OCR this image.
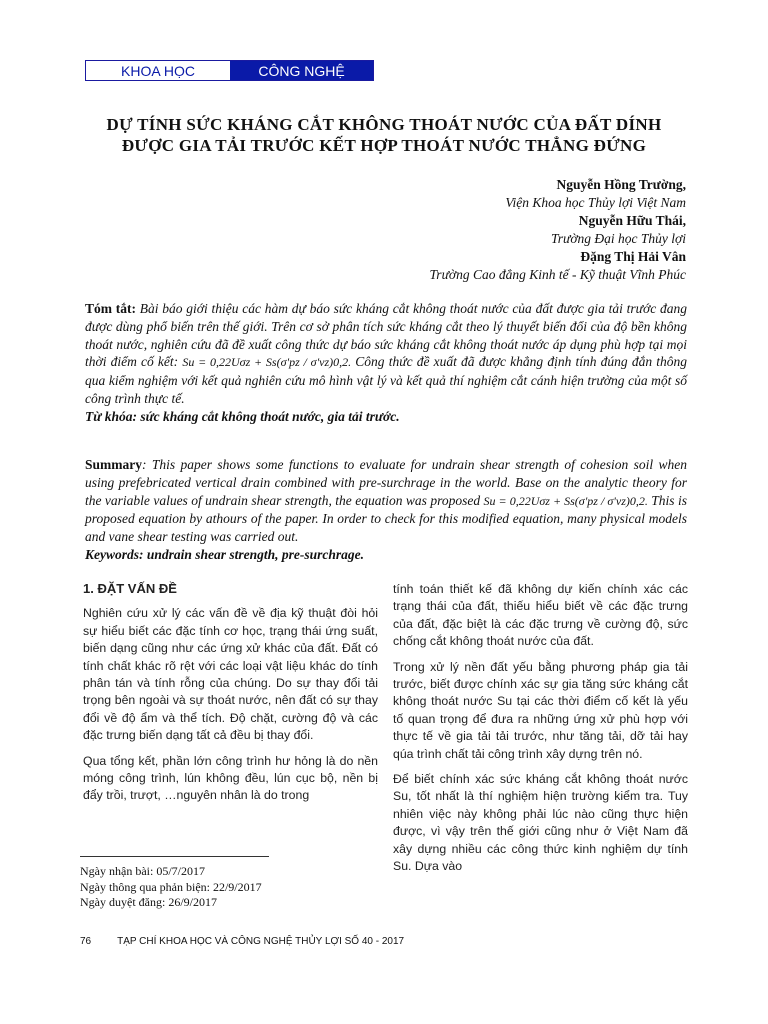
KHOA HỌC	CÔNG NGHỆ
DỰ TÍNH SỨC KHÁNG CẮT KHÔNG THOÁT NƯỚC CỦA ĐẤT DÍNH
ĐƯỢC GIA TẢI TRƯỚC KẾT HỢP THOÁT NƯỚC THẲNG ĐỨNG
Nguyễn Hồng Trường,
Viện Khoa học Thủy lợi Việt Nam
Nguyễn Hữu Thái,
Trường Đại học Thủy lợi
Đặng Thị Hải Vân
Trường Cao đẳng Kinh tế - Kỹ thuật Vĩnh Phúc
Tóm tắt: Bài báo giới thiệu các hàm dự báo sức kháng cắt không thoát nước của đất được gia tải trước đang được dùng phổ biến trên thế giới. Trên cơ sở phân tích sức kháng cắt theo lý thuyết biến đổi của độ bền không thoát nước, nghiên cứu đã đề xuất công thức dự báo sức kháng cắt không thoát nước áp dụng phù hợp tại mọi thời điểm cố kết: Su = 0,22Uσz + Ss(σ'pz / σ'vz)0,2. Công thức đề xuất đã được khẳng định tính đúng đắn thông qua kiểm nghiệm với kết quả nghiên cứu mô hình vật lý và kết quả thí nghiệm cắt cánh hiện trường của một số công trình thực tế.
Từ khóa: sức kháng cắt không thoát nước, gia tải trước.
Summary: This paper shows some functions to evaluate for undrain shear strength of cohesion soil when using prefebricated vertical drain combined with pre-surchrage in the world. Base on the analytic theory for the variable values of undrain shear strength, the equation was proposed Su = 0,22Uσz + Ss(σ'pz / σ'vz)0,2. This is proposed equation by athours of the paper. In order to check for this modified equation, many physical models and vane shear testing was carried out.
Keywords: undrain shear strength, pre-surchrage.

1. ĐẶT VẤN ĐỀ

Nghiên cứu xử lý các vấn đề về địa kỹ thuật đòi hỏi sự hiểu biết các đặc tính cơ học, trạng thái ứng suất, biến dạng cũng như các ứng xử khác của đất. Đất có tính chất khác rõ rệt với các loại vật liệu khác do tính phân tán và tính rỗng của chúng. Do sự thay đổi tải trọng bên ngoài và sự thoát nước, nên đất có sự thay đổi về độ ẩm và thể tích. Độ chặt, cường độ và các đặc trưng biến dạng tất cả đều bị thay đổi.

Qua tổng kết, phần lớn công trình hư hỏng là do nền móng công trình, lún không đều, lún cục bộ, nền bị đẩy trồi, trượt, …nguyên nhân là do trong

tính toán thiết kế đã không dự kiến chính xác các trạng thái của đất, thiếu hiểu biết về các đặc trưng của đất, đặc biệt là các đặc trưng về cường độ, sức chống cắt không thoát nước của đất.

Trong xử lý nền đất yếu bằng phương pháp gia tải trước, biết được chính xác sự gia tăng sức kháng cắt không thoát nước Su tại các thời điểm cố kết là yếu tố quan trọng để đưa ra những ứng xử phù hợp với thực tế về gia tải tải trước, như tăng tải, dỡ tải hay qúa trình chất tải công trình xây dựng trên nó.

Để biết chính xác sức kháng cắt không thoát nước Su, tốt nhất là thí nghiệm hiện trường kiểm tra. Tuy nhiên việc này không phải lúc nào cũng thực hiện được, vì vậy trên thế giới cũng như ở Việt Nam đã xây dựng nhiều các công thức kinh nghiệm dự tính Su. Dựa vào

Ngày nhận bài: 05/7/2017
Ngày thông qua phản biện: 22/9/2017
Ngày duyệt đăng: 26/9/2017
76	TẠP CHÍ KHOA HỌC VÀ CÔNG NGHỆ THỦY LỢI SỐ 40 - 2017
